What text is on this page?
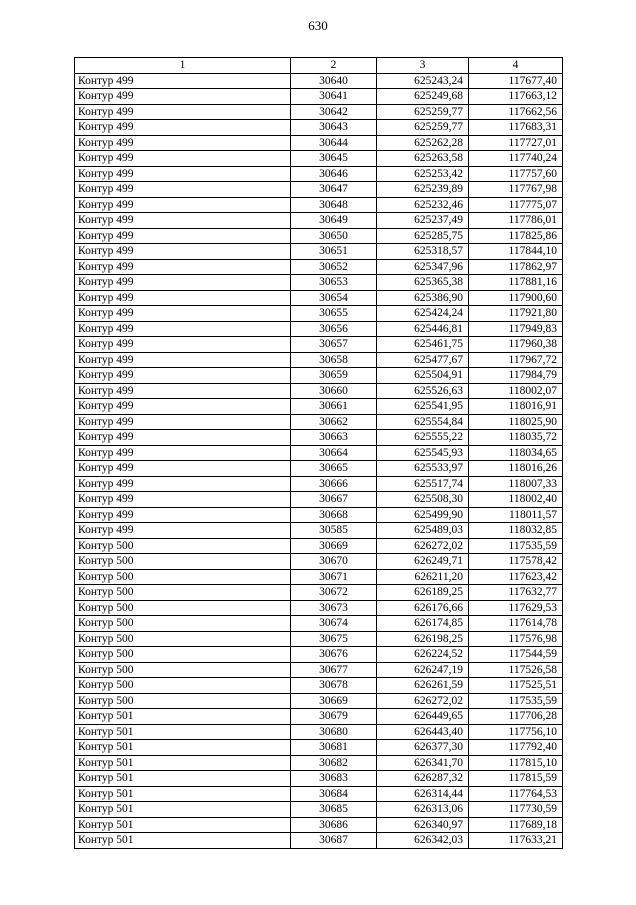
630
1	2	3	4
Контур 499	30640	625243,24	117677,40
Контур 499	30641	625249,68	117663,12
Контур 499	30642	625259,77	117662,56
Контур 499	30643	625259,77	117683,31
Контур 499	30644	625262,28	117727,01
Контур 499	30645	625263,58	117740,24
Контур 499	30646	625253,42	117757,60
Контур 499	30647	625239,89	117767,98
Контур 499	30648	625232,46	117775,07
Контур 499	30649	625237,49	117786,01
Контур 499	30650	625285,75	117825,86
Контур 499	30651	625318,57	117844,10
Контур 499	30652	625347,96	117862,97
Контур 499	30653	625365,38	117881,16
Контур 499	30654	625386,90	117900,60
Контур 499	30655	625424,24	117921,80
Контур 499	30656	625446,81	117949,83
Контур 499	30657	625461,75	117960,38
Контур 499	30658	625477,67	117967,72
Контур 499	30659	625504,91	117984,79
Контур 499	30660	625526,63	118002,07
Контур 499	30661	625541,95	118016,91
Контур 499	30662	625554,84	118025,90
Контур 499	30663	625555,22	118035,72
Контур 499	30664	625545,93	118034,65
Контур 499	30665	625533,97	118016,26
Контур 499	30666	625517,74	118007,33
Контур 499	30667	625508,30	118002,40
Контур 499	30668	625499,90	118011,57
Контур 499	30585	625489,03	118032,85
Контур 500	30669	626272,02	117535,59
Контур 500	30670	626249,71	117578,42
Контур 500	30671	626211,20	117623,42
Контур 500	30672	626189,25	117632,77
Контур 500	30673	626176,66	117629,53
Контур 500	30674	626174,85	117614,78
Контур 500	30675	626198,25	117576,98
Контур 500	30676	626224,52	117544,59
Контур 500	30677	626247,19	117526,58
Контур 500	30678	626261,59	117525,51
Контур 500	30669	626272,02	117535,59
Контур 501	30679	626449,65	117706,28
Контур 501	30680	626443,40	117756,10
Контур 501	30681	626377,30	117792,40
Контур 501	30682	626341,70	117815,10
Контур 501	30683	626287,32	117815,59
Контур 501	30684	626314,44	117764,53
Контур 501	30685	626313,06	117730,59
Контур 501	30686	626340,97	117689,18
Контур 501	30687	626342,03	117633,21
